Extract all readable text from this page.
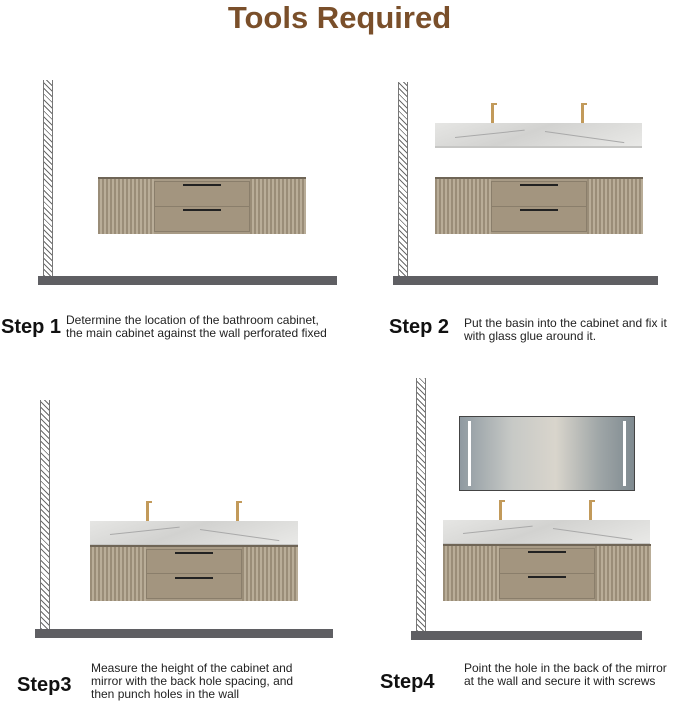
Tools Required
Step 1 Determine the location of the bathroom cabinet,
the main cabinet against the wall perforated fixed	Step 2 Put the basin into the cabinet and fix it
with glass glue around it.
Step3
Measure the height of the cabinet and
mirror with the back hole spacing, and
then punch holes in the wall
Step4
Point the hole in the back of the mirror
at the wall and secure it with screws
